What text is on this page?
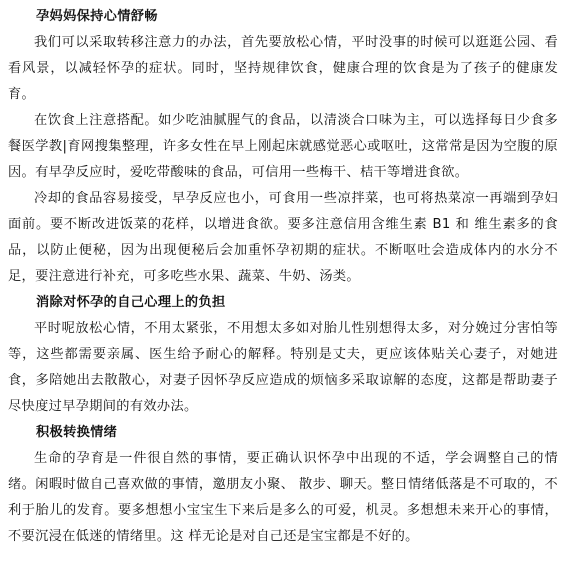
孕妈妈保持心情舒畅

我们可以采取转移注意力的办法，首先要放松心情，平时没事的时候可以逛逛公园、看看风景，以减轻怀孕的症状。同时，坚持规律饮食，健康合理的饮食是为了孩子的健康发育。

在饮食上注意搭配。如少吃油腻腥气的食品，以清淡合口味为主，可以选择每日少食多餐医学教|育网搜集整理，许多女性在早上刚起床就感觉恶心或呕吐，这常常是因为空腹的原因。有早孕反应时，爱吃带酸味的食品，可信用一些梅干、桔干等增进食欲。

冷却的食品容易接受，早孕反应也小，可食用一些凉拌菜，也可将热菜凉一再端到孕妇面前。要不断改进饭菜的花样，以增进食欲。要多注意信用含维生素 B1 和 维生素多的食品，以防止便秘，因为出现便秘后会加重怀孕初期的症状。不断呕吐会造成体内的水分不足，要注意进行补充，可多吃些水果、蔬菜、牛奶、汤类。

消除对怀孕的自己心理上的负担

平时呢放松心情，不用太紧张，不用想太多如对胎儿性别想得太多，对分娩过分害怕等等，这些都需要亲属、医生给予耐心的解释。特别是丈夫，更应该体贴关心妻子，对她进食，多陪她出去散散心，对妻子因怀孕反应造成的烦恼多采取谅解的态度，这都是帮助妻子尽快度过早孕期间的有效办法。

积极转换情绪

生命的孕育是一件很自然的事情，要正确认识怀孕中出现的不适，学会调整自己的情绪。闲暇时做自己喜欢做的事情，邀朋友小聚、 散步、聊天。整日情绪低落是不可取的，不利于胎儿的发育。要多想想小宝宝生下来后是多么的可爱，机灵。多想想未来开心的事情，不要沉浸在低迷的情绪里。这 样无论是对自己还是宝宝都是不好的。
